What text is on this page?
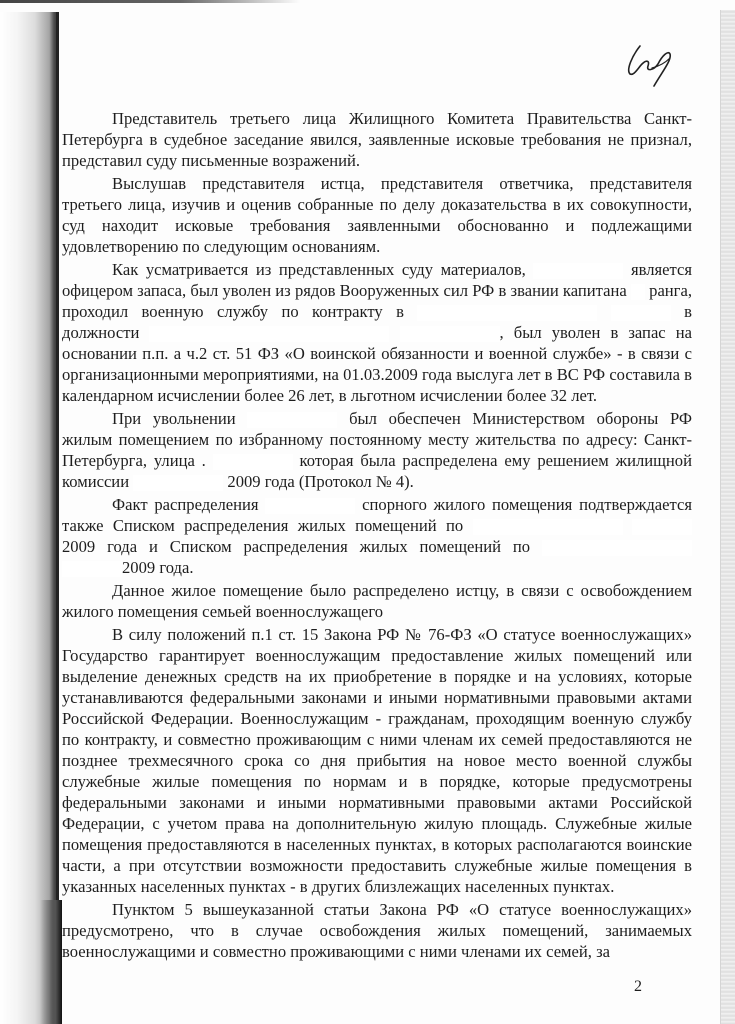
Представитель третьего лица Жилищного Комитета Правительства Санкт-Петербурга в судебное заседание явился, заявленные исковые требования не признал, представил суду письменные возражений.

Выслушав представителя истца, представителя ответчика, представителя третьего лица, изучив и оценив собранные по делу доказательства в их совокупности, суд находит исковые требования заявленными обоснованно и подлежащими удовлетворению по следующим основаниям.

Как усматривается из представленных суду материалов,	является офицером запаса, был уволен из рядов Вооруженных сил РФ в звании капитана ранга, проходил военную службу по контракту в	в должности	, был уволен в запас на основании п.п. а ч.2 ст. 51 ФЗ «О воинской обязанности и военной службе» - в связи с организационными мероприятиями, на 01.03.2009 года выслуга лет в ВС РФ составила в календарном исчислении более 26 лет, в льготном исчислении более 32 лет.

При увольнении	был обеспечен Министерством обороны РФ жилым помещением по избранному постоянному месту жительства по адресу: Санкт-Петербурга, улица .	которая была распределена ему решением жилищной комиссии	2009 года (Протокол № 4).

Факт распределения	спорного жилого помещения подтверждается также Списком распределения жилых помещений по   2009 года и Списком распределения жилых помещений по  2009 года.

Данное жилое помещение было распределено истцу, в связи с освобождением жилого помещения семьей военнослужащего

В силу положений п.1 ст. 15 Закона РФ № 76-ФЗ «О статусе военнослужащих» Государство гарантирует военнослужащим предоставление жилых помещений или выделение денежных средств на их приобретение в порядке и на условиях, которые устанавливаются федеральными законами и иными нормативными правовыми актами Российской Федерации. Военнослужащим - гражданам, проходящим военную службу по контракту, и совместно проживающим с ними членам их семей предоставляются не позднее трехмесячного срока со дня прибытия на новое место военной службы служебные жилые помещения по нормам и в порядке, которые предусмотрены федеральными законами и иными нормативными правовыми актами Российской Федерации, с учетом права на дополнительную жилую площадь. Служебные жилые помещения предоставляются в населенных пунктах, в которых располагаются воинские части, а при отсутствии возможности предоставить служебные жилые помещения в указанных населенных пунктах - в других близлежащих населенных пунктах.

Пунктом 5 вышеуказанной статьи Закона РФ «О статусе военнослужащих» предусмотрено, что в случае освобождения жилых помещений, занимаемых военнослужащими и совместно проживающими с ними членами их семей, за

2
